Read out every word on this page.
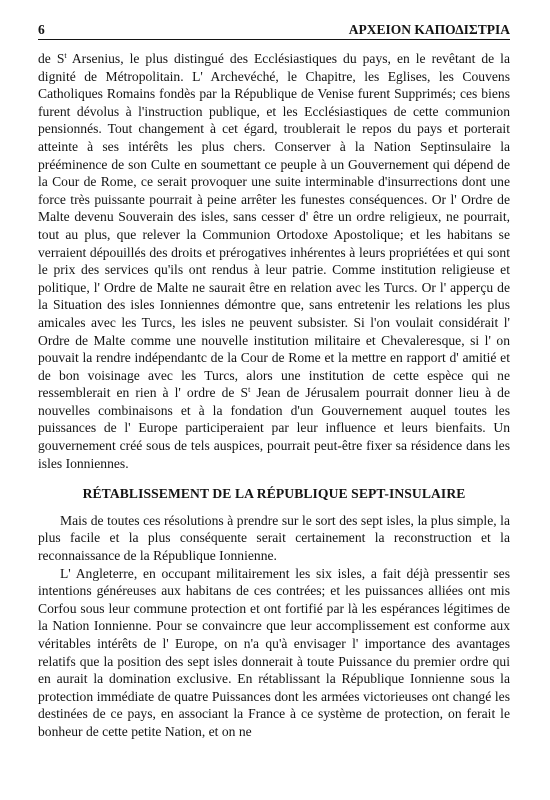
6	ΑΡΧΕΙΟΝ ΚΑΠΟΔΙΣΤΡΙΑ

de $S^t$ Arsenius, le plus distingué des Ecclésiastiques du pays, en le revêtant de la dignité de Métropolitain. L' Archevéché, le Chapitre, les Eglises, les Couvens Catholiques Romains fondès par la République de Venise furent Supprimés; ces biens furent dévolus à l'instruction publique, et les Ecclésiastiques de cette communion pensionnés. Tout changement à cet égard, troublerait le repos du pays et porterait atteinte à ses intérêts les plus chers. Conserver à la Nation Septinsulaire la prééminence de son Culte en soumettant ce peuple à un Gouvernement qui dépend de la Cour de Rome, ce serait provoquer une suite interminable d'insurrections dont une force très puissante pourrait à peine arrêter les funestes conséquences. Or l' Ordre de Malte devenu Souverain des isles, sans cesser d' être un ordre religieux, ne pourrait, tout au plus, que relever la Communion Ortodoxe Apostolique; et les habitans se verraient dépouillés des droits et prérogatives inhérentes à leurs propriétées et qui sont le prix des services qu'ils ont rendus à leur patrie. Comme institution religieuse et politique, l' Ordre de Malte ne saurait être en relation avec les Turcs. Or l' apperçu de la Situation des isles Ionniennes démontre que, sans entretenir les relations les plus amicales avec les Turcs, les isles ne peuvent subsister. Si l'on voulait considérait l' Ordre de Malte comme une nouvelle institution militaire et Chevaleresque, si l' on pouvait la rendre indépendantc de la Cour de Rome et la mettre en rapport d' amitié et de bon voisinage avec les Turcs, alors une institution de cette espèce qui ne ressemblerait en rien à l' ordre de $S^t$ Jean de Jérusalem pourrait donner lieu à de nouvelles combinaisons et à la fondation d'un Gouvernement auquel toutes les puissances de l' Europe participeraient par leur influence et leurs bienfaits. Un gouvernement créé sous de tels auspices, pourrait peut-être fixer sa résidence dans les isles Ionniennes.

RÉTABLISSEMENT DE LA RÉPUBLIQUE SEPT-INSULAIRE

Mais de toutes ces résolutions à prendre sur le sort des sept isles, la plus simple, la plus facile et la plus conséquente serait certainement la reconstruction et la reconnaissance de la République Ionnienne.

L' Angleterre, en occupant militairement les six isles, a fait déjà pressentir ses intentions généreuses aux habitans de ces contrées; et les puissances alliées ont mis Corfou sous leur commune protection et ont fortifié par là les espérances légitimes de la Nation Ionnienne. Pour se convaincre que leur accomplissement est conforme aux véritables intérêts de l' Europe, on n'a qu'à envisager l' importance des avantages relatifs que la position des sept isles donnerait à toute Puissance du premier ordre qui en aurait la domination exclusive. En rétablissant la République Ionnienne sous la protection immédiate de quatre Puissances dont les armées victorieuses ont changé les destinées de ce pays, en associant la France à ce système de protection, on ferait le bonheur de cette petite Nation, et on ne
